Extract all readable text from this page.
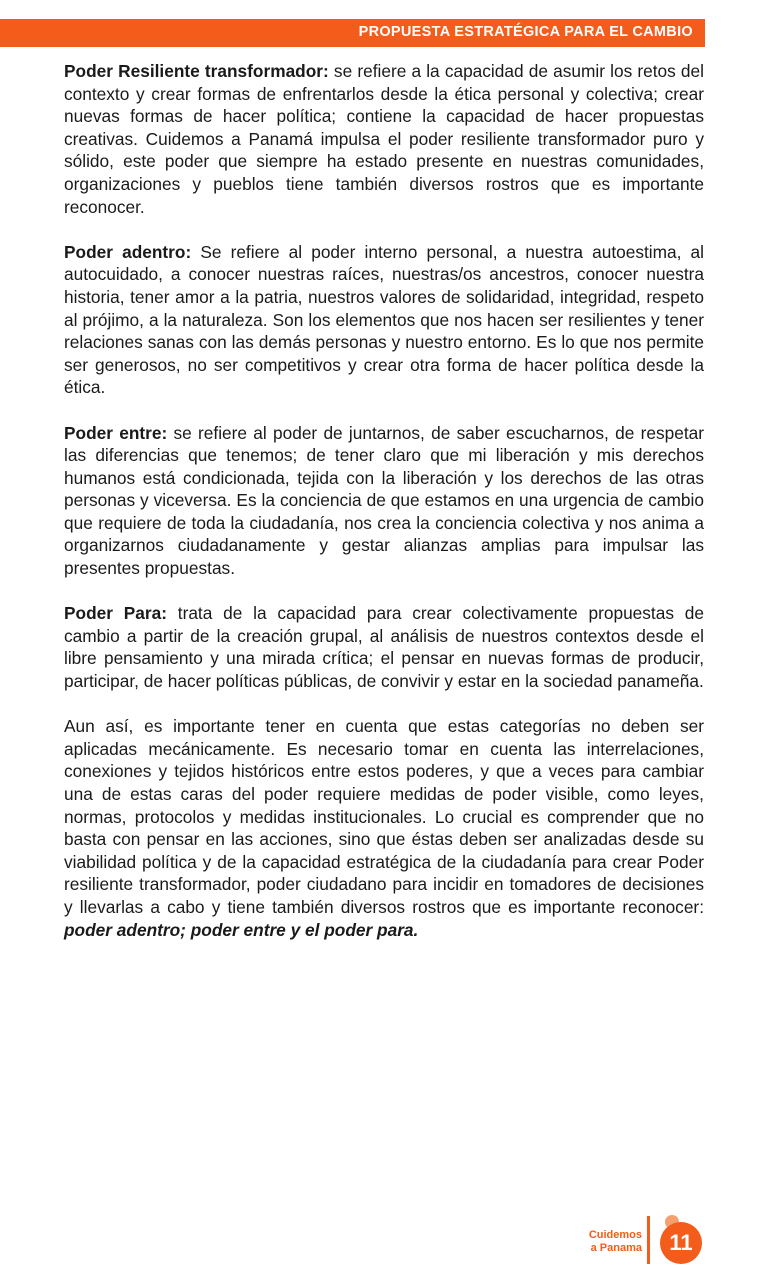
PROPUESTA ESTRATÉGICA PARA EL CAMBIO

Poder Resiliente transformador: se refiere a la capacidad de asumir los retos del contexto y crear formas de enfrentarlos desde la ética personal y colectiva; crear nuevas formas de hacer política; contiene la capacidad de hacer propuestas creativas. Cuidemos a Panamá impulsa el poder resiliente transformador puro y sólido, este poder que siempre ha estado presente en nuestras comunidades, organizaciones y pueblos tiene también diversos rostros que es importante reconocer.

Poder adentro: Se refiere al poder interno personal, a nuestra autoestima, al autocuidado, a conocer nuestras raíces, nuestras/os ancestros, conocer nuestra historia, tener amor a la patria, nuestros valores de solidaridad, integridad, respeto al prójimo, a la naturaleza. Son los elementos que nos hacen ser resilientes y tener relaciones sanas con las demás personas y nuestro entorno. Es lo que nos permite ser generosos, no ser competitivos y crear otra forma de hacer política desde la ética.

Poder entre: se refiere al poder de juntarnos, de saber escucharnos, de respetar las diferencias que tenemos; de tener claro que mi liberación y mis derechos humanos está condicionada, tejida con la liberación y los derechos de las otras personas y viceversa. Es la conciencia de que estamos en una urgencia de cambio que requiere de toda la ciudadanía, nos crea la conciencia colectiva y nos anima a organizarnos ciudadanamente y gestar alianzas amplias para impulsar las presentes propuestas.

Poder Para: trata de la capacidad para crear colectivamente propuestas de cambio a partir de la creación grupal, al análisis de nuestros contextos desde el libre pensamiento y una mirada crítica; el pensar en nuevas formas de producir, participar, de hacer políticas públicas, de convivir y estar en la sociedad panameña.

Aun así, es importante tener en cuenta que estas categorías no deben ser aplicadas mecánicamente. Es necesario tomar en cuenta las interrelaciones, conexiones y tejidos históricos entre estos poderes, y que a veces para cambiar una de estas caras del poder requiere medidas de poder visible, como leyes, normas, protocolos y medidas institucionales. Lo crucial es comprender que no basta con pensar en las acciones, sino que éstas deben ser analizadas desde su viabilidad política y de la capacidad estratégica de la ciudadanía para crear Poder resiliente transformador, poder ciudadano para incidir en tomadores de decisiones y llevarlas a cabo y tiene también diversos rostros que es importante reconocer: poder adentro; poder entre y el poder para.

Cuidemos
a Panama	11
